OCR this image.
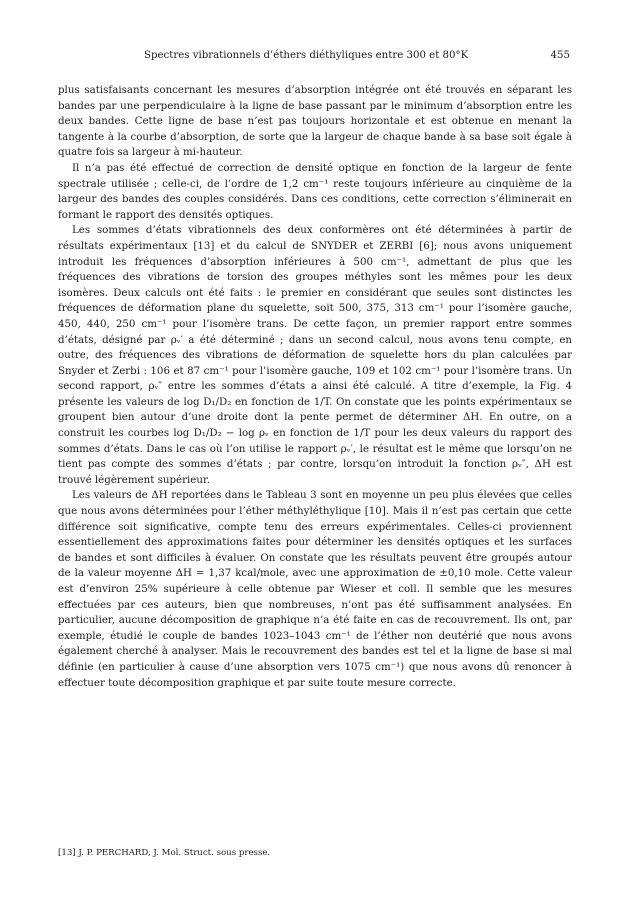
Spectres vibrationnels d’éthers diéthyliques entre 300 et 80°K	455

plus satisfaisants concernant les mesures d’absorption intégrée ont été trouvés en séparant les bandes par une perpendiculaire à la ligne de base passant par le minimum d’absorption entre les deux bandes. Cette ligne de base n’est pas toujours horizontale et est obtenue en menant la tangente à la courbe d’absorption, de sorte que la largeur de chaque bande à sa base soit égale à quatre fois sa largeur à mi-hauteur.

Il n’a pas été effectué de correction de densité optique en fonction de la largeur de fente spectrale utilisée ; celle-ci, de l’ordre de 1,2 cm⁻¹ reste toujours inférieure au cinquième de la largeur des bandes des couples considérés. Dans ces conditions, cette correction s’éliminerait en formant le rapport des densités optiques.

Les sommes d’états vibrationnels des deux conformères ont été déterminées à partir de résultats expérimentaux [13] et du calcul de SNYDER et ZERBI [6]; nous avons uniquement introduit les fréquences d’absorption inférieures à 500 cm⁻¹, admettant de plus que les fréquences des vibrations de torsion des groupes méthyles sont les mêmes pour les deux isomères. Deux calculs ont été faits : le premier en considérant que seules sont distinctes les fréquences de déformation plane du squelette, soit 500, 375, 313 cm⁻¹ pour l’isomère gauche, 450, 440, 250 cm⁻¹ pour l’isomère trans. De cette façon, un premier rapport entre sommes d’états, désigné par ρᵥ′ a été déterminé ; dans un second calcul, nous avons tenu compte, en outre, des fréquences des vibrations de déformation de squelette hors du plan calculées par Snyder et Zerbi : 106 et 87 cm⁻¹ pour l’isomère gauche, 109 et 102 cm⁻¹ pour l’isomère trans. Un second rapport, ρᵥ″ entre les sommes d’états a ainsi été calculé. A titre d’exemple, la Fig. 4 présente les valeurs de log D₁/D₂ en fonction de 1/T. On constate que les points expérimentaux se groupent bien autour d’une droite dont la pente permet de déterminer ΔH. En outre, on a construit les courbes log D₁/D₂ − log ρᵥ en fonction de 1/T pour les deux valeurs du rapport des sommes d’états. Dans le cas où l’on utilise le rapport ρᵥ′, le résultat est le même que lorsqu’on ne tient pas compte des sommes d’états ; par contre, lorsqu’on introduit la fonction ρᵥ″, ΔH est trouvé légèrement supérieur.

Les valeurs de ΔH reportées dans le Tableau 3 sont en moyenne un peu plus élevées que celles que nous avons déterminées pour l’éther méthyléthylique [10]. Mais il n’est pas certain que cette différence soit significative, compte tenu des erreurs expérimentales. Celles-ci proviennent essentiellement des approximations faites pour déterminer les densités optiques et les surfaces de bandes et sont difficiles à évaluer. On constate que les résultats peuvent être groupés autour de la valeur moyenne ΔH = 1,37 kcal/mole, avec une approximation de ±0,10 mole. Cette valeur est d’environ 25% supérieure à celle obtenue par Wieser et coll. Il semble que les mesures effectuées par ces auteurs, bien que nombreuses, n’ont pas été suffisamment analysées. En particulier, aucune décomposition de graphique n’a été faite en cas de recouvrement. Ils ont, par exemple, étudié le couple de bandes 1023–1043 cm⁻¹ de l’éther non deutérié que nous avons également cherché à analyser. Mais le recouvrement des bandes est tel et la ligne de base si mal définie (en particulier à cause d’une absorption vers 1075 cm⁻¹) que nous avons dû renoncer à effectuer toute décomposition graphique et par suite toute mesure correcte.

[13] J. P. PERCHARD, J. Mol. Struct. sous presse.
